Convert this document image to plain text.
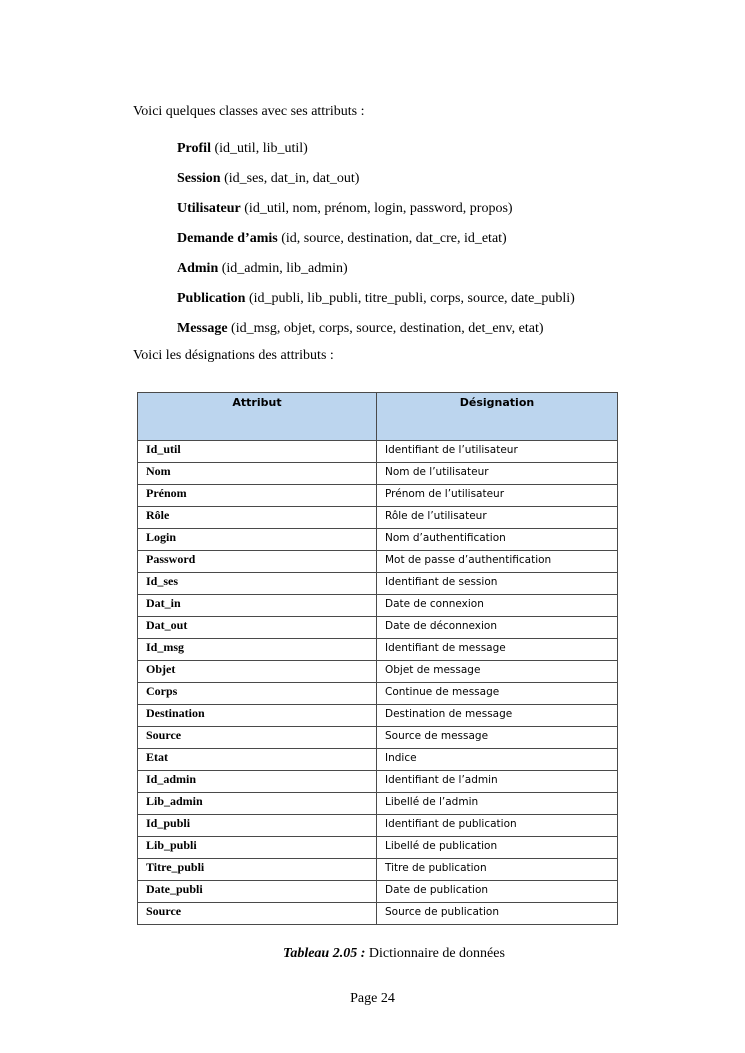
Voici quelques classes avec ses attributs :
Profil (id_util, lib_util)
Session (id_ses, dat_in, dat_out)
Utilisateur (id_util, nom, prénom, login, password, propos)
Demande d’amis (id, source, destination, dat_cre, id_etat)
Admin (id_admin, lib_admin)
Publication (id_publi, lib_publi, titre_publi, corps, source, date_publi)
Message (id_msg, objet, corps, source, destination, det_env, etat)
Voici les désignations des attributs :
Attribut	Désignation
Id_util	Identifiant de l’utilisateur
Nom	Nom de l’utilisateur
Prénom	Prénom de l’utilisateur
Rôle	Rôle de l’utilisateur
Login	Nom d’authentification
Password	Mot de passe d’authentification
Id_ses	Identifiant de session
Dat_in	Date de connexion
Dat_out	Date de déconnexion
Id_msg	Identifiant de message
Objet	Objet de message
Corps	Continue de message
Destination	Destination de message
Source	Source de message
Etat	Indice
Id_admin	Identifiant de l’admin
Lib_admin	Libellé de l’admin
Id_publi	Identifiant de publication
Lib_publi	Libellé de publication
Titre_publi	Titre de publication
Date_publi	Date de publication
Source	Source de publication
Tableau 2.05 : Dictionnaire de données
Page 24
